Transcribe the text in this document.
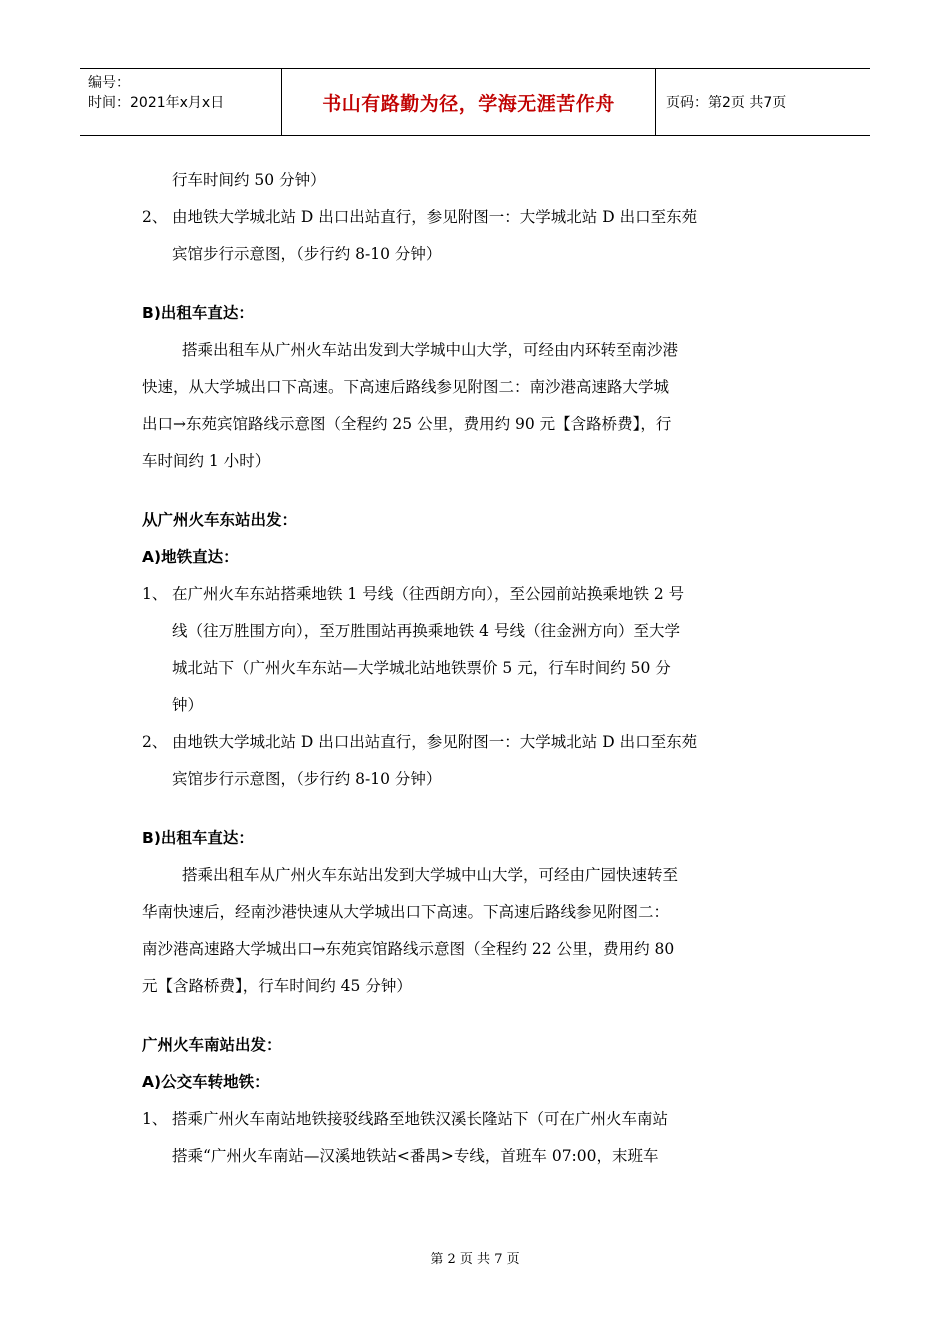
编号：
时间：2021年x月x日	书山有路勤为径，学海无涯苦作舟	页码：第2页 共7页

行车时间约 50 分钟）

2、 由地铁大学城北站 D 出口出站直行，参见附图一：大学城北站 D 出口至东苑

宾馆步行示意图，（步行约 8-10 分钟）

B)出租车直达：

搭乘出租车从广州火车站出发到大学城中山大学，可经由内环转至南沙港

快速，从大学城出口下高速。下高速后路线参见附图二：南沙港高速路大学城

出口→东苑宾馆路线示意图（全程约 25 公里，费用约 90 元【含路桥费】，行

车时间约 1 小时）

从广州火车东站出发：

A)地铁直达：

1、 在广州火车东站搭乘地铁 1 号线（往西朗方向），至公园前站换乘地铁 2 号

线（往万胜围方向），至万胜围站再换乘地铁 4 号线（往金洲方向）至大学

城北站下（广州火车东站—大学城北站地铁票价 5 元，行车时间约 50 分

钟）

2、 由地铁大学城北站 D 出口出站直行，参见附图一：大学城北站 D 出口至东苑

宾馆步行示意图，（步行约 8-10 分钟）

B)出租车直达：

搭乘出租车从广州火车东站出发到大学城中山大学，可经由广园快速转至

华南快速后，经南沙港快速从大学城出口下高速。下高速后路线参见附图二：

南沙港高速路大学城出口→东苑宾馆路线示意图（全程约 22 公里，费用约 80

元【含路桥费】，行车时间约 45 分钟）

广州火车南站出发：

A)公交车转地铁：

1、 搭乘广州火车南站地铁接驳线路至地铁汉溪长隆站下（可在广州火车南站

搭乘“广州火车南站—汉溪地铁站<番禺>专线，首班车 07:00，末班车

第 2 页 共 7 页
